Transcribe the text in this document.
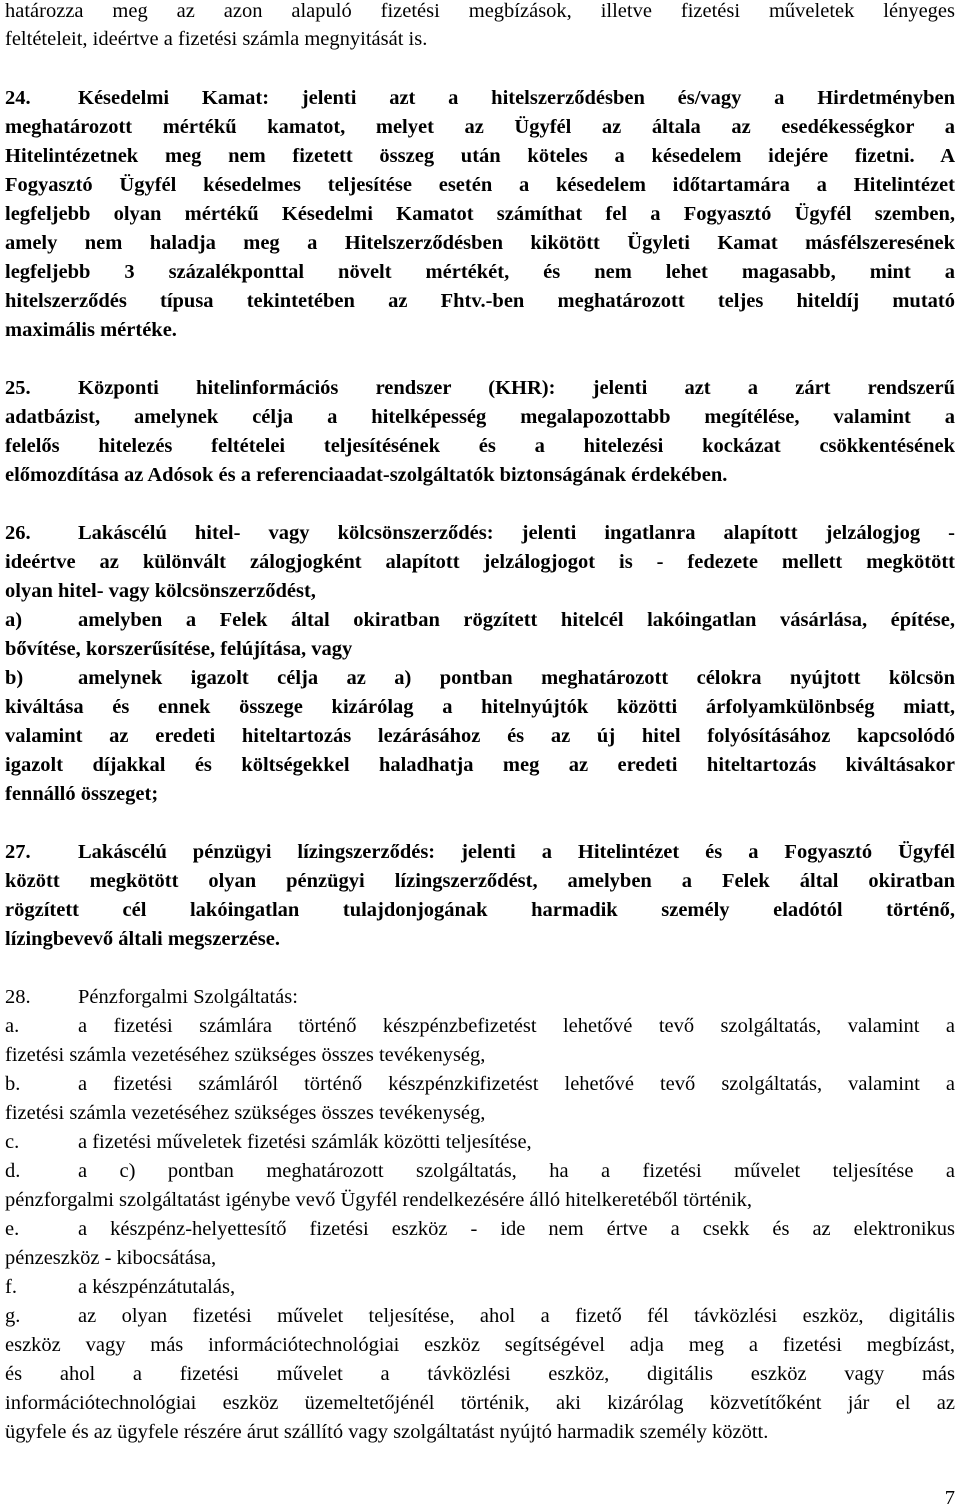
határozza meg az azon alapuló fizetési megbízások, illetve fizetési műveletek lényeges
feltételeit, ideértve a fizetési számla megnyitását is.
24. Késedelmi Kamat: jelenti azt a hitelszerződésben és/vagy a Hirdetményben
meghatározott mértékű kamatot, melyet az Ügyfél az általa az esedékességkor a
Hitelintézetnek meg nem fizetett összeg után köteles a késedelem idejére fizetni. A
Fogyasztó Ügyfél késedelmes teljesítése esetén a késedelem időtartamára a Hitelintézet
legfeljebb olyan mértékű Késedelmi Kamatot számíthat fel a Fogyasztó Ügyfél szemben,
amely nem haladja meg a Hitelszerződésben kikötött Ügyleti Kamat másfélszeresének
legfeljebb 3 százalékponttal növelt mértékét, és nem lehet magasabb, mint a
hitelszerződés típusa tekintetében az Fhtv.-ben meghatározott teljes hiteldíj mutató
maximális mértéke.
25. Központi hitelinformációs rendszer (KHR): jelenti azt a zárt rendszerű
adatbázist, amelynek célja a hitelképesség megalapozottabb megítélése, valamint a
felelős hitelezés feltételei teljesítésének és a hitelezési kockázat csökkentésének
előmozdítása az Adósok és a referenciaadat-szolgáltatók biztonságának érdekében.
26. Lakáscélú hitel- vagy kölcsönszerződés: jelenti ingatlanra alapított jelzálogjog -
ideértve az különvált zálogjogként alapított jelzálogjogot is - fedezete mellett megkötött
olyan hitel- vagy kölcsönszerződést,
a)	amelyben a Felek által okiratban rögzített hitelcél lakóingatlan vásárlása, építése,
bővítése, korszerűsítése, felújítása, vagy
b)	amelynek igazolt célja az a) pontban meghatározott célokra nyújtott kölcsön
kiváltása és ennek összege kizárólag a hitelnyújtók közötti árfolyamkülönbség miatt,
valamint az eredeti hiteltartozás lezárásához és az új hitel folyósításához kapcsolódó
igazolt díjakkal és költségekkel haladhatja meg az eredeti hiteltartozás kiváltásakor
fennálló összeget;
27. Lakáscélú pénzügyi lízingszerződés: jelenti a Hitelintézet és a Fogyasztó Ügyfél
között megkötött olyan pénzügyi lízingszerződést, amelyben a Felek által okiratban
rögzített cél lakóingatlan tulajdonjogának harmadik személy eladótól történő,
lízingbevevő általi megszerzése.
28. Pénzforgalmi Szolgáltatás:
a.	a fizetési számlára történő készpénzbefizetést lehetővé tevő szolgáltatás, valamint a
fizetési számla vezetéséhez szükséges összes tevékenység,
b.	a fizetési számláról történő készpénzkifizetést lehetővé tevő szolgáltatás, valamint a
fizetési számla vezetéséhez szükséges összes tevékenység,
c.	a fizetési műveletek fizetési számlák közötti teljesítése,
d.	a c) pontban meghatározott szolgáltatás, ha a fizetési művelet teljesítése a
pénzforgalmi szolgáltatást igénybe vevő Ügyfél rendelkezésére álló hitelkeretéből történik,
e.	a készpénz-helyettesítő fizetési eszköz - ide nem értve a csekk és az elektronikus
pénzeszköz - kibocsátása,
f.	a készpénzátutalás,
g.	az olyan fizetési művelet teljesítése, ahol a fizető fél távközlési eszköz, digitális
eszköz vagy más információtechnológiai eszköz segítségével adja meg a fizetési megbízást,
és ahol a fizetési művelet a távközlési eszköz, digitális eszköz vagy más
információtechnológiai eszköz üzemeltetőjénél történik, aki kizárólag közvetítőként jár el az
ügyfele és az ügyfele részére árut szállító vagy szolgáltatást nyújtó harmadik személy között.
7
